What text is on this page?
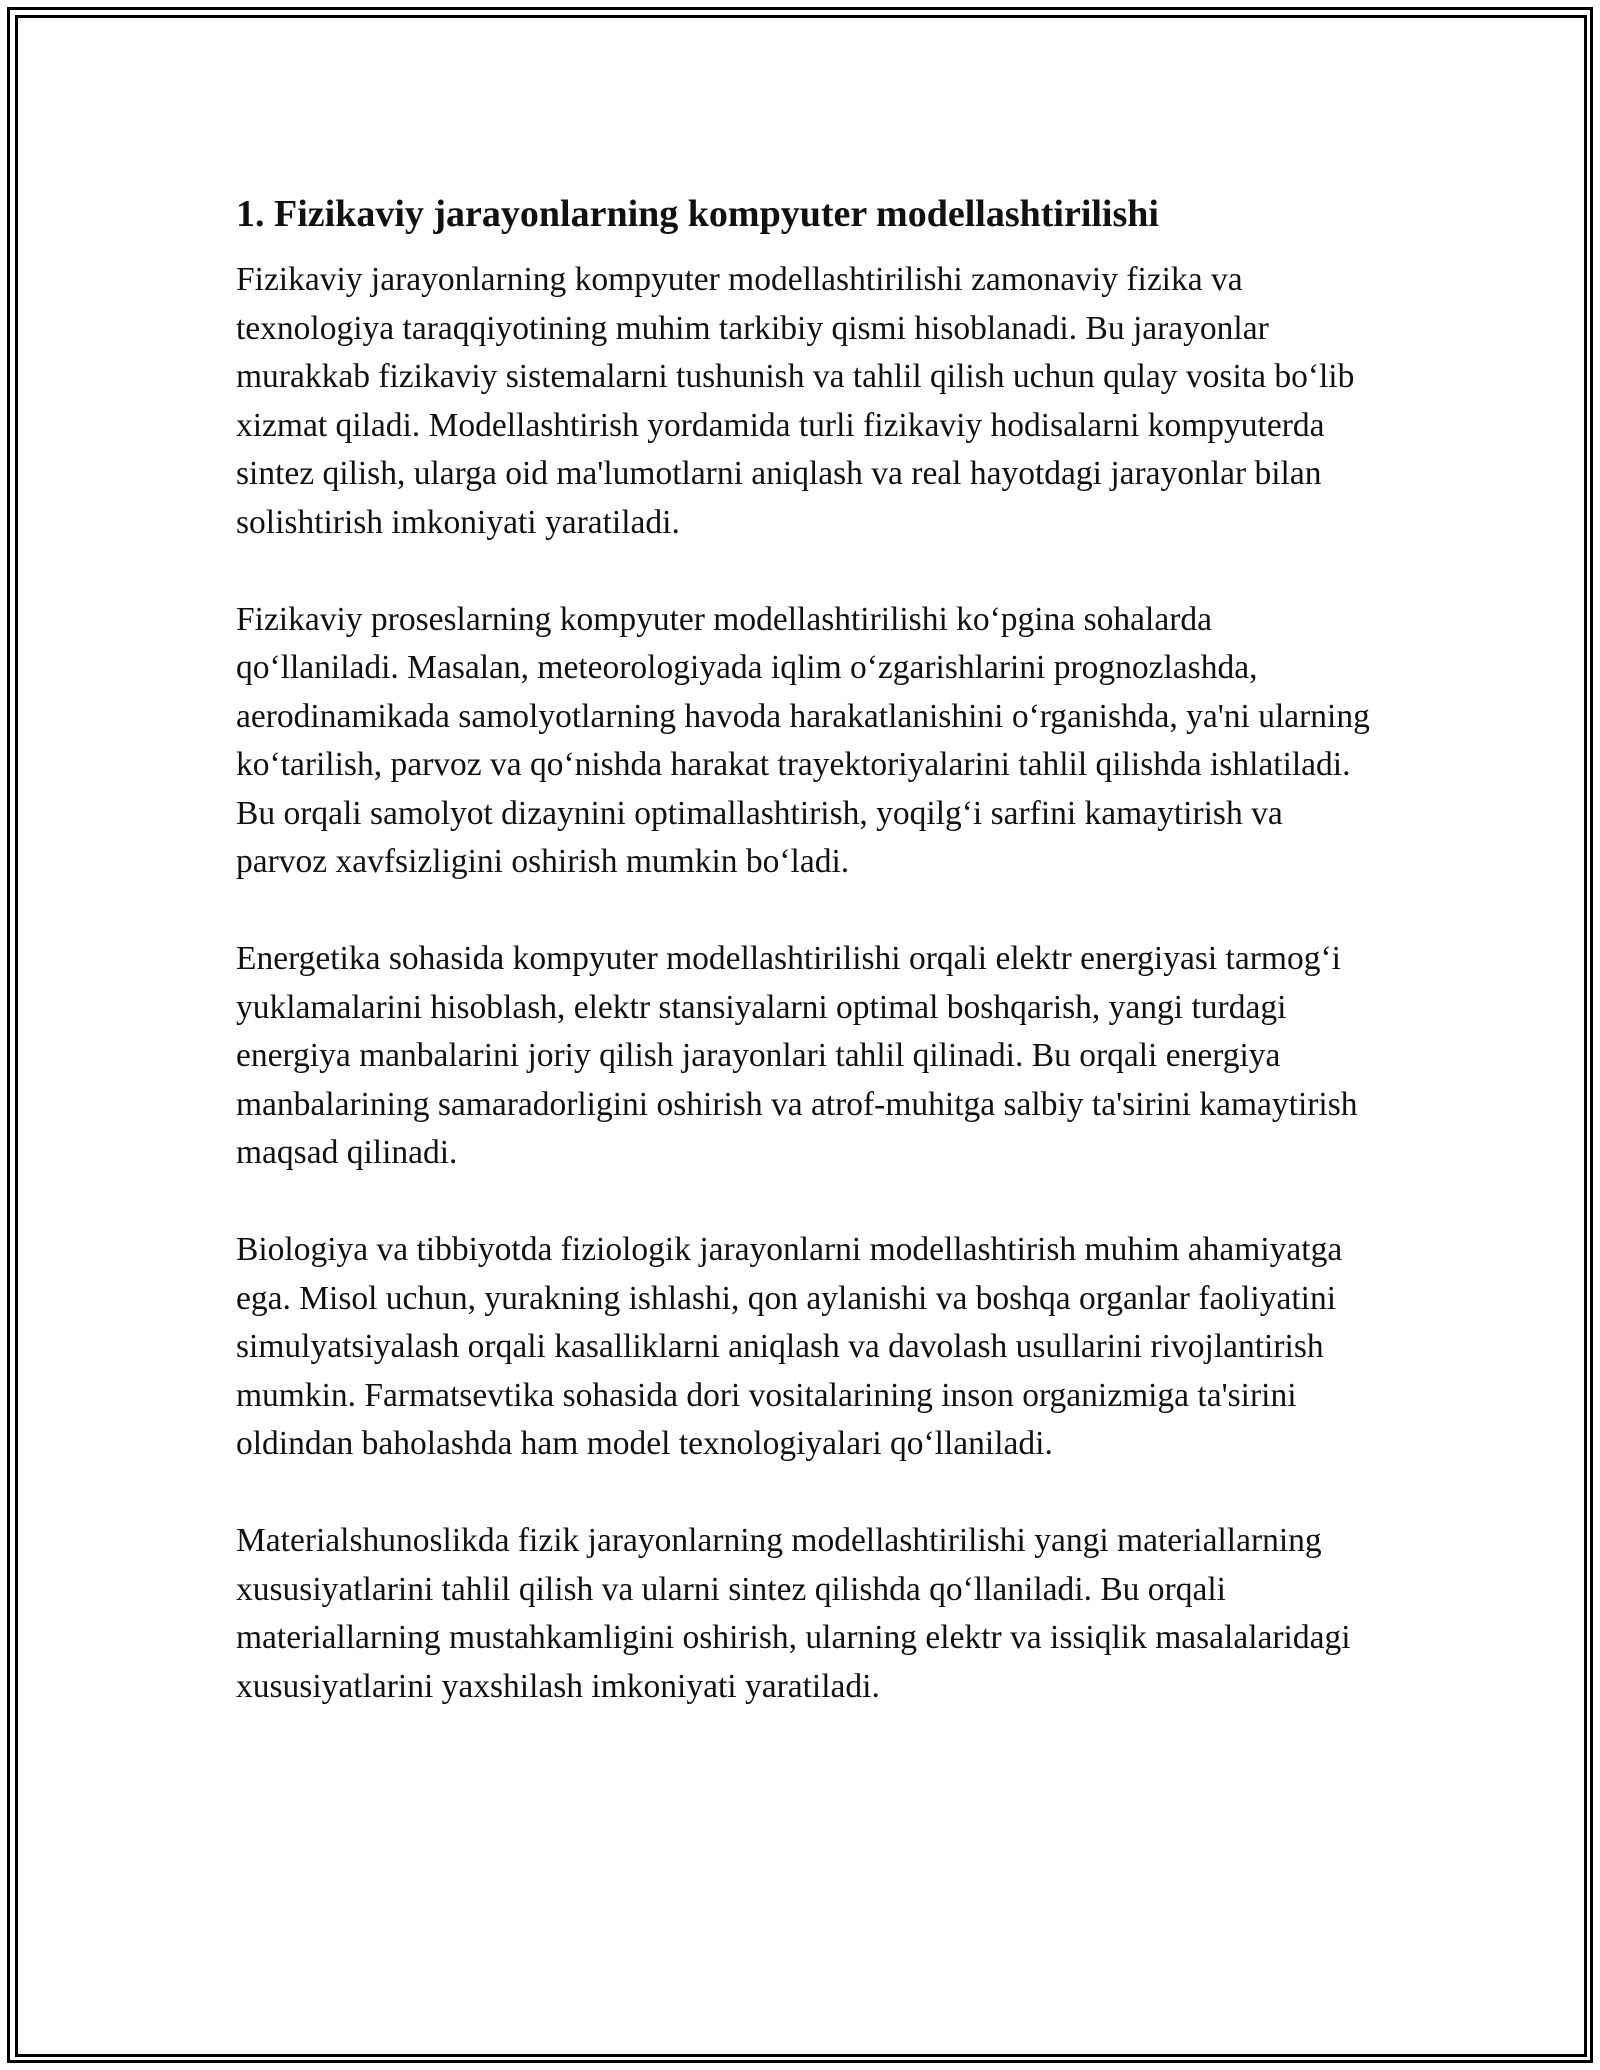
1. Fizikaviy jarayonlarning kompyuter modellashtirilishi

Fizikaviy jarayonlarning kompyuter modellashtirilishi zamonaviy fizika va texnologiya taraqqiyotining muhim tarkibiy qismi hisoblanadi. Bu jarayonlar murakkab fizikaviy sistemalarni tushunish va tahlil qilish uchun qulay vosita bo‘lib xizmat qiladi. Modellashtirish yordamida turli fizikaviy hodisalarni kompyuterda sintez qilish, ularga oid ma'lumotlarni aniqlash va real hayotdagi jarayonlar bilan solishtirish imkoniyati yaratiladi.

Fizikaviy proseslarning kompyuter modellashtirilishi ko‘pgina sohalarda qo‘llaniladi. Masalan, meteorologiyada iqlim o‘zgarishlarini prognozlashda, aerodinamikada samolyotlarning havoda harakatlanishini o‘rganishda, ya'ni ularning ko‘tarilish, parvoz va qo‘nishda harakat trayektoriyalarini tahlil qilishda ishlatiladi. Bu orqali samolyot dizaynini optimallashtirish, yoqilg‘i sarfini kamaytirish va parvoz xavfsizligini oshirish mumkin bo‘ladi.

Energetika sohasida kompyuter modellashtirilishi orqali elektr energiyasi tarmog‘i yuklamalarini hisoblash, elektr stansiyalarni optimal boshqarish, yangi turdagi energiya manbalarini joriy qilish jarayonlari tahlil qilinadi. Bu orqali energiya manbalarining samaradorligini oshirish va atrof-muhitga salbiy ta'sirini kamaytirish maqsad qilinadi.

Biologiya va tibbiyotda fiziologik jarayonlarni modellashtirish muhim ahamiyatga ega. Misol uchun, yurakning ishlashi, qon aylanishi va boshqa organlar faoliyatini simulyatsiyalash orqali kasalliklarni aniqlash va davolash usullarini rivojlantirish mumkin. Farmatsevtika sohasida dori vositalarining inson organizmiga ta'sirini oldindan baholashda ham model texnologiyalari qo‘llaniladi.

Materialshunoslikda fizik jarayonlarning modellashtirilishi yangi materiallarning xususiyatlarini tahlil qilish va ularni sintez qilishda qo‘llaniladi. Bu orqali materiallarning mustahkamligini oshirish, ularning elektr va issiqlik masalalaridagi xususiyatlarini yaxshilash imkoniyati yaratiladi.
